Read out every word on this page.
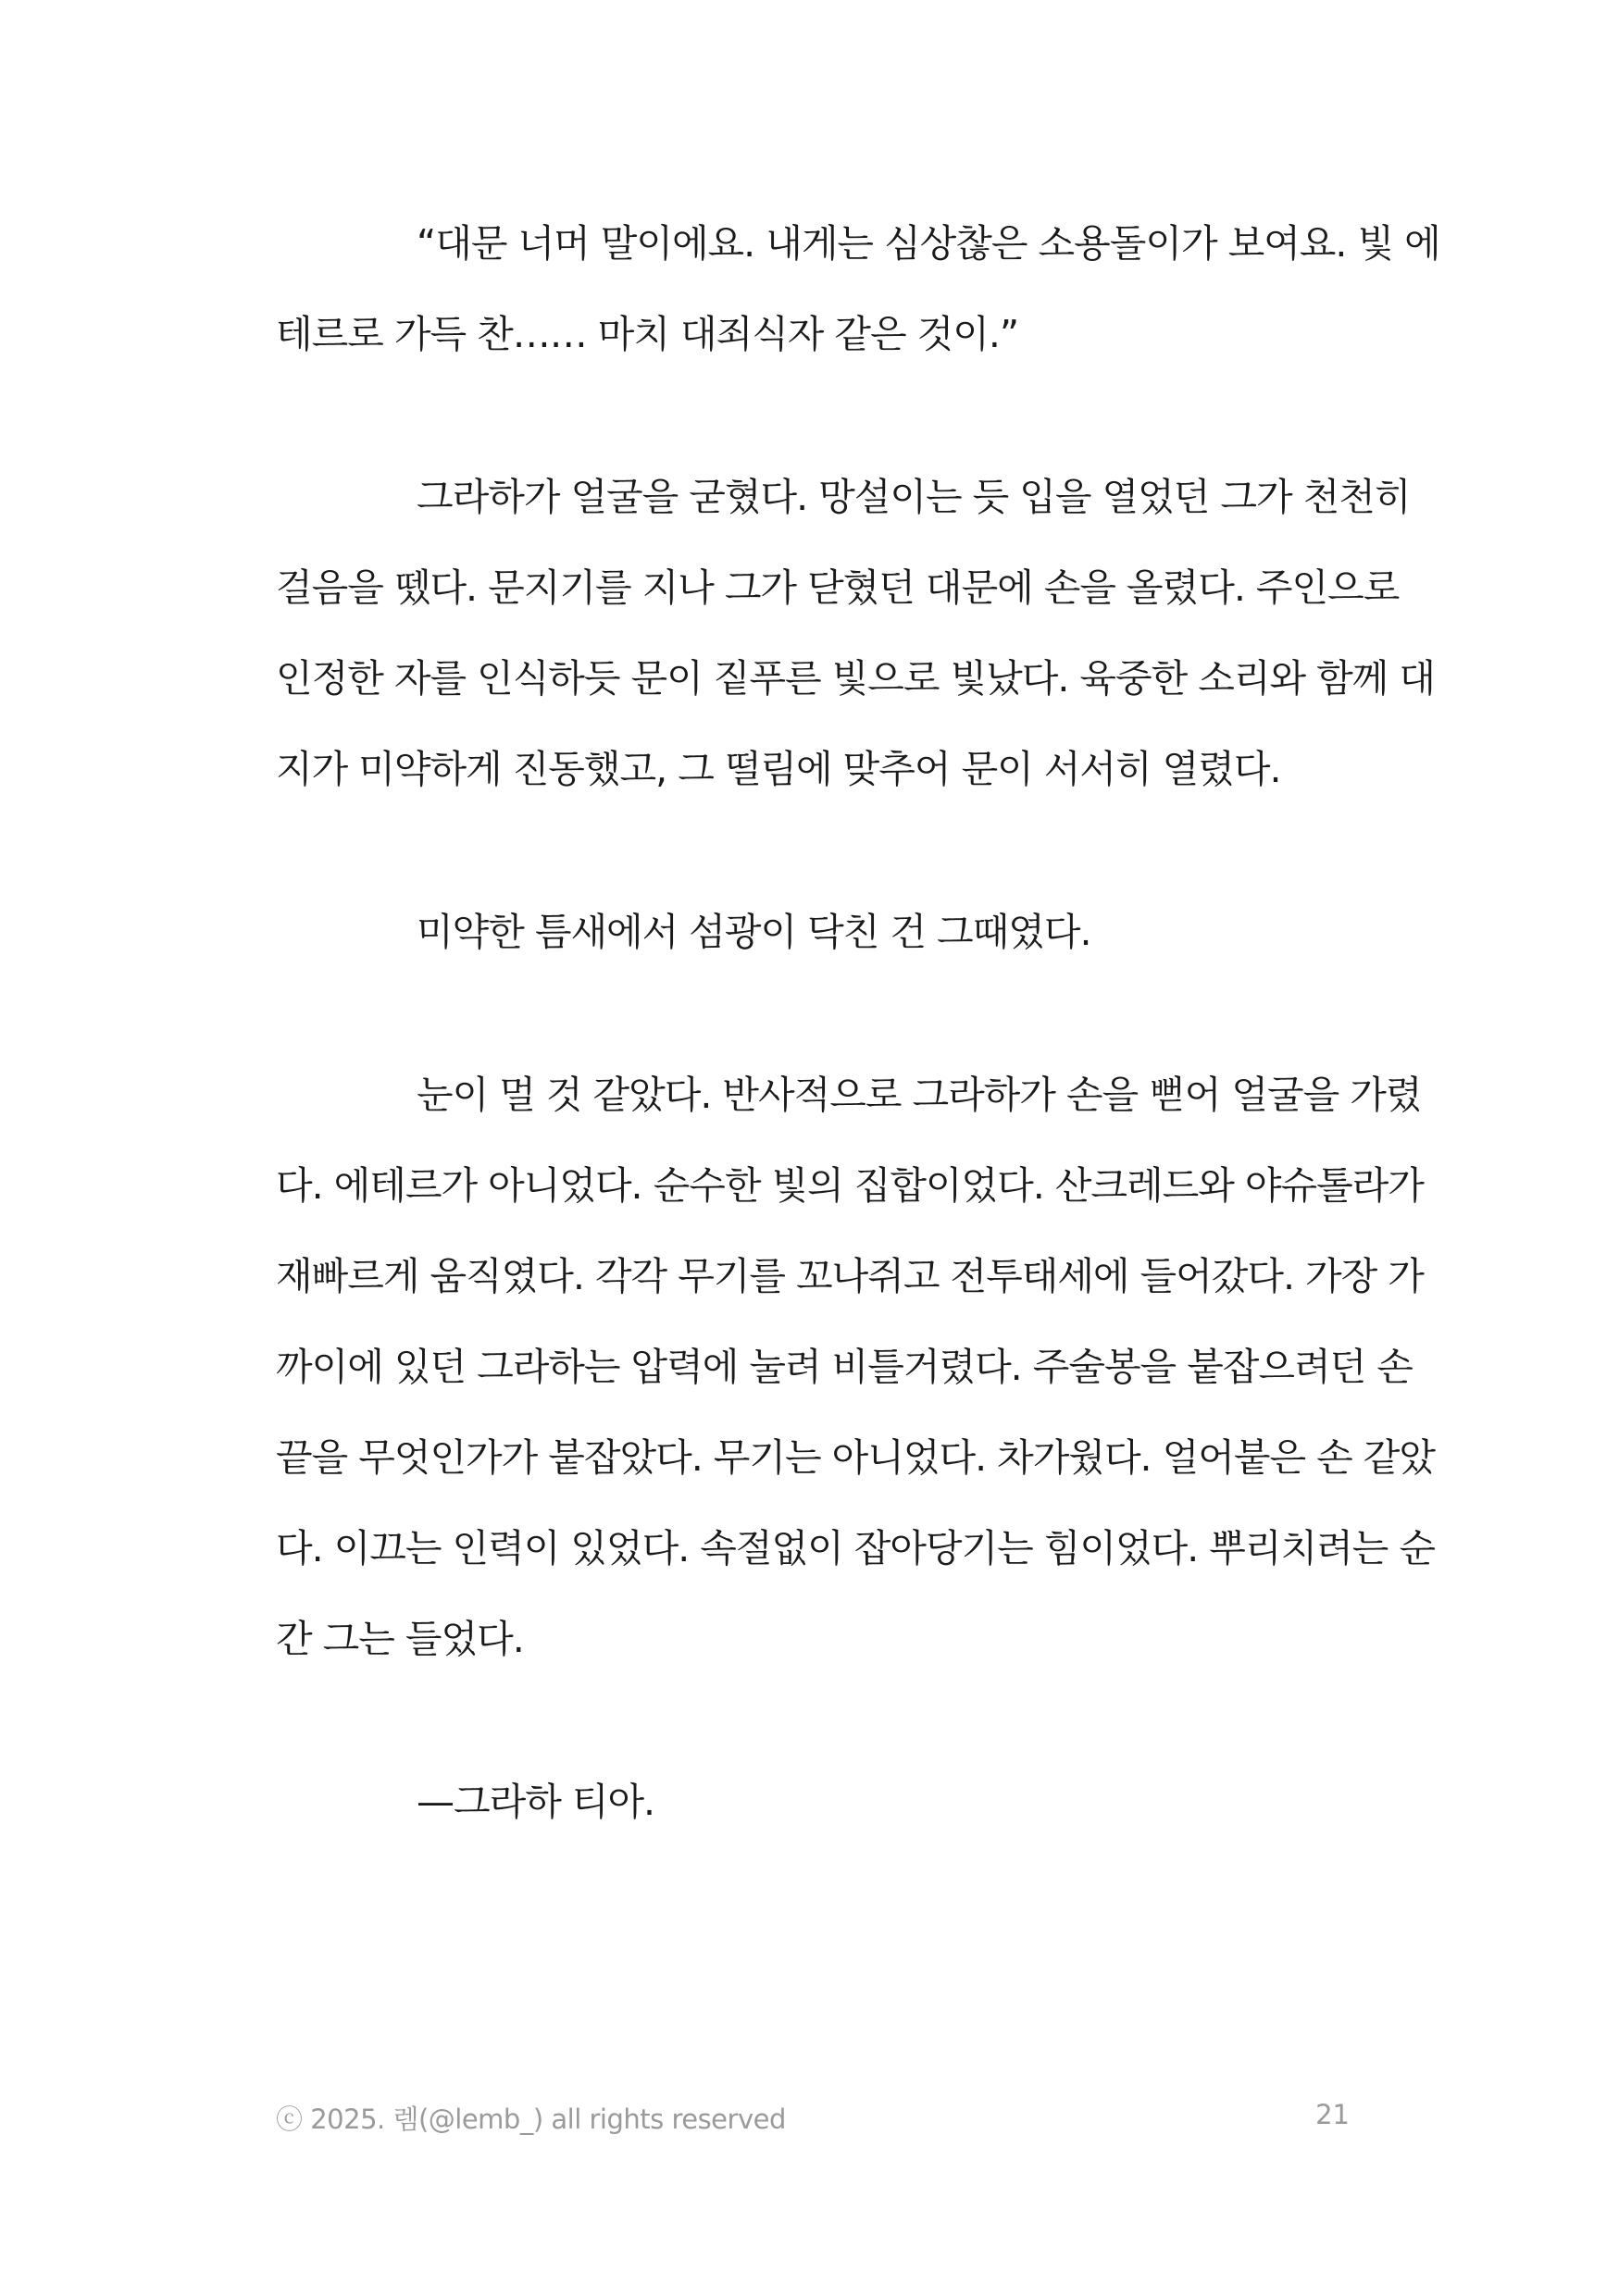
“대문 너머 말이에요. 내게는 심상찮은 소용돌이가 보여요. 빛 에
테르로 가득 찬…… 마치 대죄식자 같은 것이.”
그라하가 얼굴을 굳혔다. 망설이는 듯 입을 열었던 그가 천천히
걸음을 뗐다. 문지기를 지나 그가 닫혔던 대문에 손을 올렸다. 주인으로
인정한 자를 인식하듯 문이 짙푸른 빛으로 빛났다. 육중한 소리와 함께 대
지가 미약하게 진동했고, 그 떨림에 맞추어 문이 서서히 열렸다.
미약한 틈새에서 섬광이 닥친 건 그때였다.
눈이 멀 것 같았다. 반사적으로 그라하가 손을 뻗어 얼굴을 가렸
다. 에테르가 아니었다. 순수한 빛의 집합이었다. 산크레드와 야슈톨라가
재빠르게 움직였다. 각각 무기를 꼬나쥐고 전투태세에 들어갔다. 가장 가
까이에 있던 그라하는 압력에 눌려 비틀거렸다. 주술봉을 붙잡으려던 손
끝을 무엇인가가 붙잡았다. 무기는 아니었다. 차가웠다. 얼어붙은 손 같았
다. 이끄는 인력이 있었다. 속절없이 잡아당기는 힘이었다. 뿌리치려는 순
간 그는 들었다.
—그라하 티아.
ⓒ 2025. 렘(@lemb_) all rights reserved	21
